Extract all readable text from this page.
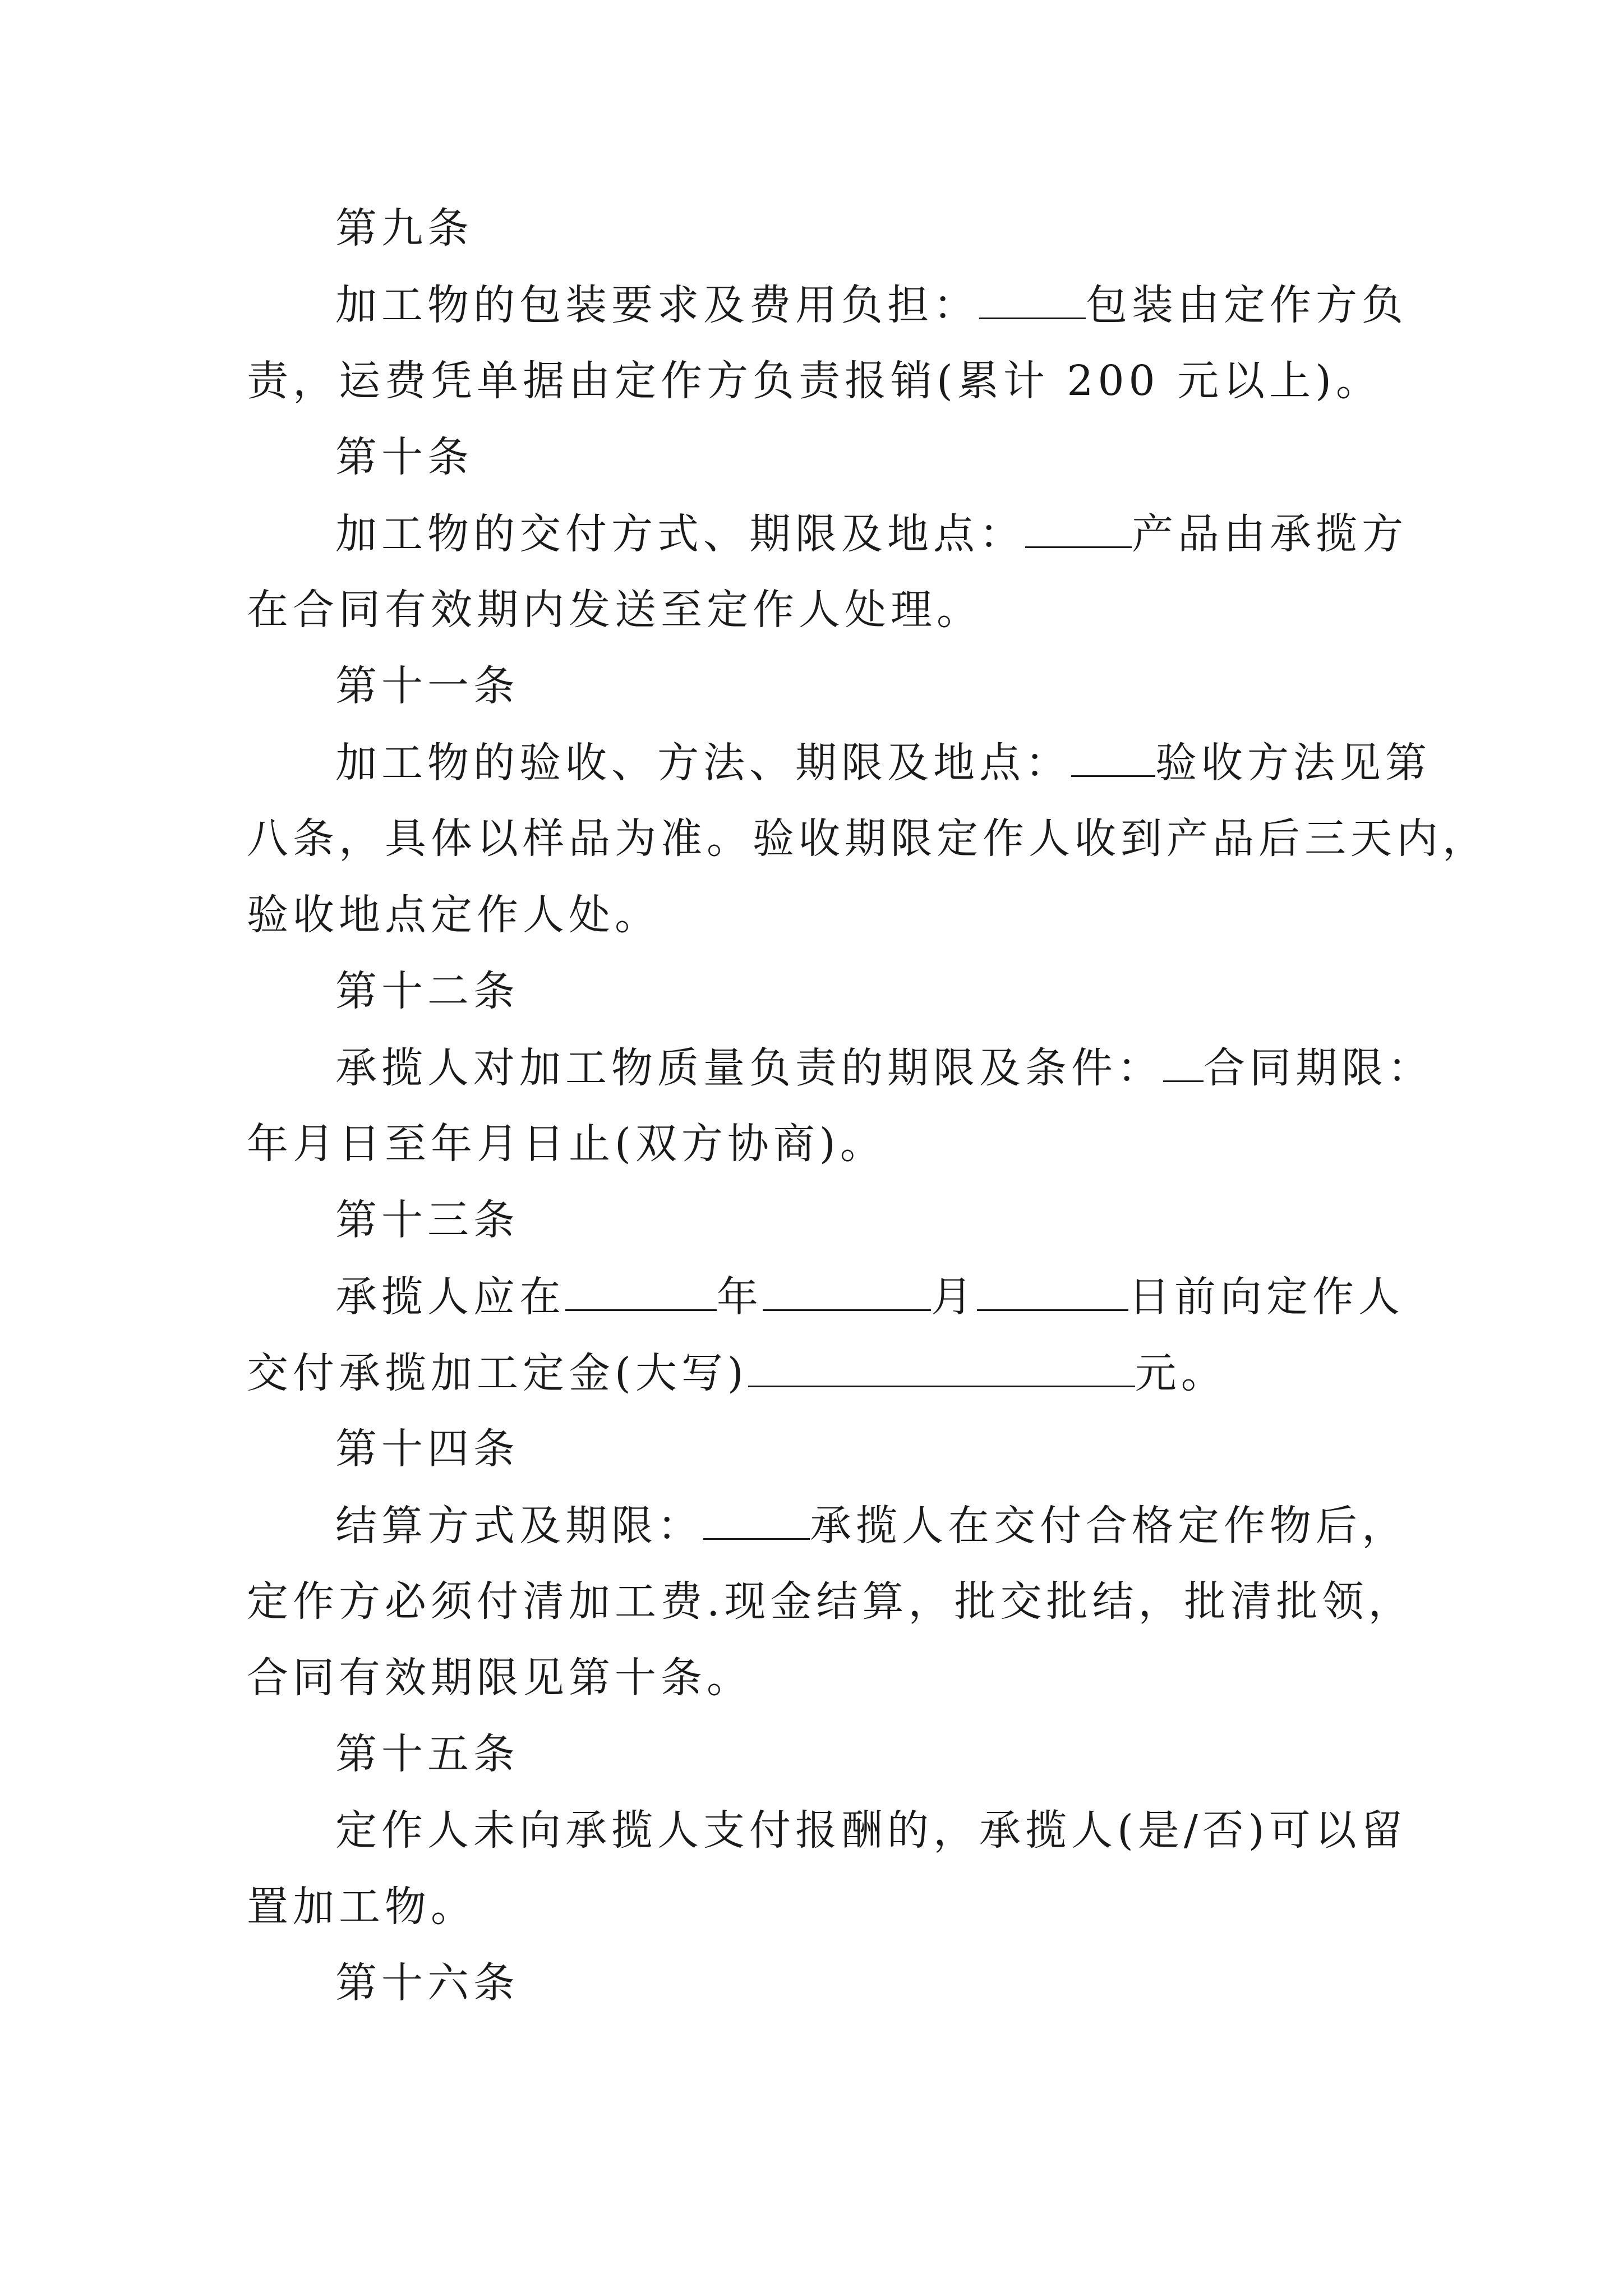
第九条
加工物的包装要求及费用负担：	包装由定作方负
责，运费凭单据由定作方负责报销(累计 200 元以上)。
第十条
加工物的交付方式、期限及地点：	产品由承揽方
在合同有效期内发送至定作人处理。
第十一条
加工物的验收、方法、期限及地点： 验收方法见第
八条，具体以样品为准。验收期限定作人收到产品后三天内，
验收地点定作人处。
第十二条
承揽人对加工物质量负责的期限及条件： 合同期限：
年月日至年月日止(双方协商)。
第十三条
承揽人应在	年	月	日前向定作人
交付承揽加工定金(大写)	元。
第十四条
结算方式及期限：	承揽人在交付合格定作物后，
定作方必须付清加工费.现金结算，批交批结，批清批领，
合同有效期限见第十条。
第十五条
定作人未向承揽人支付报酬的，承揽人(是/否)可以留
置加工物。
第十六条
